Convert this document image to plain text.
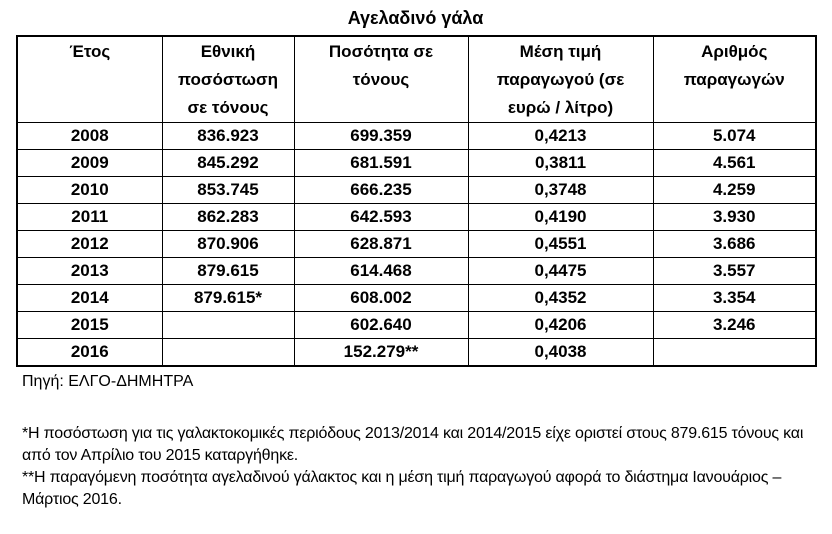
Αγελαδινό γάλα
Έτος	Εθνική ποσόστωση σε τόνους	Ποσότητα σε τόνους	Μέση τιμή παραγωγού (σε ευρώ / λίτρο)	Αριθμός παραγωγών
2008	836.923	699.359	0,4213	5.074
2009	845.292	681.591	0,3811	4.561
2010	853.745	666.235	0,3748	4.259
2011	862.283	642.593	0,4190	3.930
2012	870.906	628.871	0,4551	3.686
2013	879.615	614.468	0,4475	3.557
2014	879.615*	608.002	0,4352	3.354
2015		602.640	0,4206	3.246
2016		152.279**	0,4038	
Πηγή: ΕΛΓΟ-ΔΗΜΗΤΡΑ

*Η ποσόστωση για τις γαλακτοκομικές περιόδους 2013/2014 και 2014/2015 είχε οριστεί στους 879.615 τόνους και από τον Απρίλιο του 2015 καταργήθηκε.

**Η παραγόμενη ποσότητα αγελαδινού γάλακτος και η μέση τιμή παραγωγού αφορά το διάστημα Ιανουάριος – Μάρτιος 2016.
